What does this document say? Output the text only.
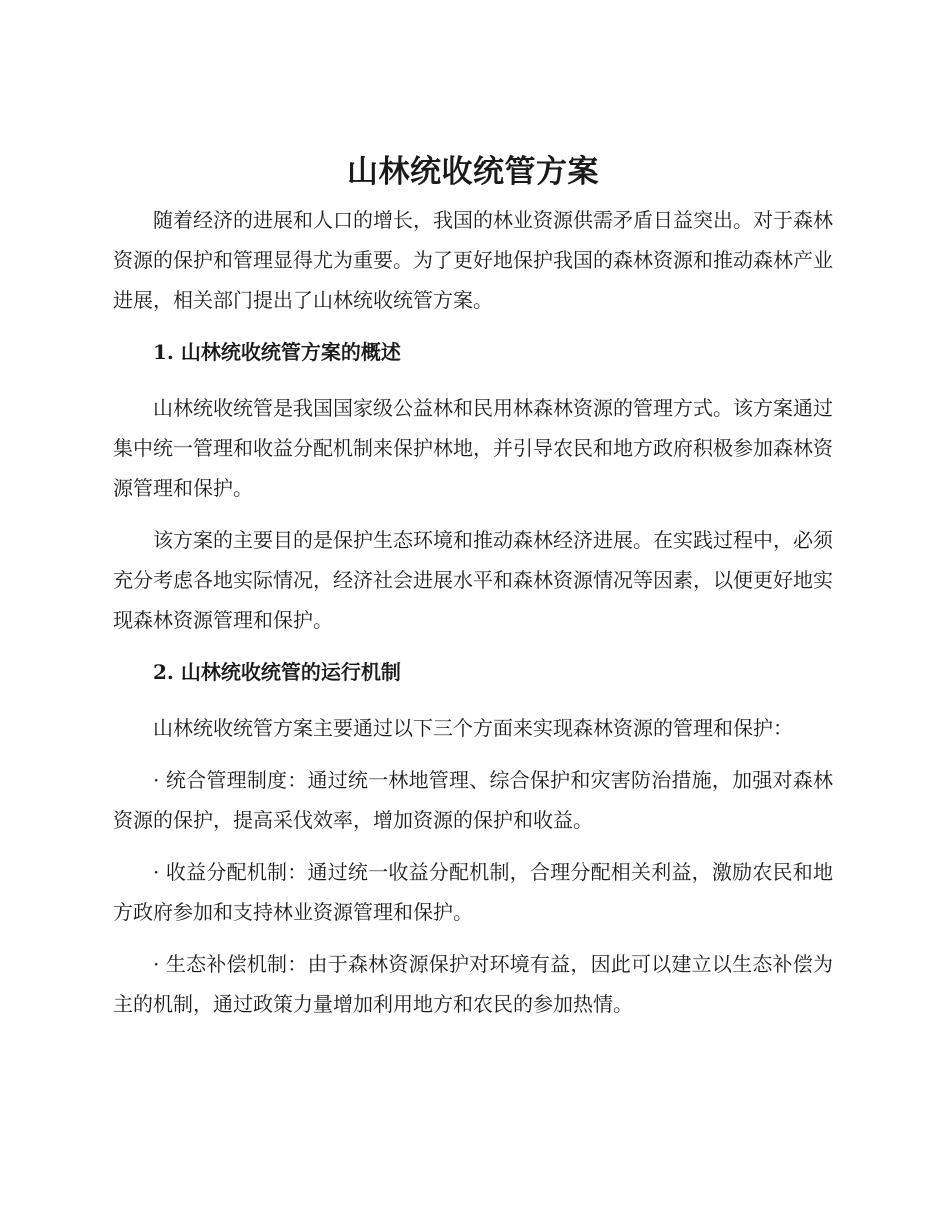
山林统收统管方案

随着经济的进展和人口的增长，我国的林业资源供需矛盾日益突出。对于森林资源的保护和管理显得尤为重要。为了更好地保护我国的森林资源和推动森林产业进展，相关部门提出了山林统收统管方案。

1. 山林统收统管方案的概述

山林统收统管是我国国家级公益林和民用林森林资源的管理方式。该方案通过集中统一管理和收益分配机制来保护林地，并引导农民和地方政府积极参加森林资源管理和保护。

该方案的主要目的是保护生态环境和推动森林经济进展。在实践过程中，必须充分考虑各地实际情况，经济社会进展水平和森林资源情况等因素，以便更好地实现森林资源管理和保护。

2. 山林统收统管的运行机制

山林统收统管方案主要通过以下三个方面来实现森林资源的管理和保护：

· 统合管理制度：通过统一林地管理、综合保护和灾害防治措施，加强对森林资源的保护，提高采伐效率，增加资源的保护和收益。

· 收益分配机制：通过统一收益分配机制，合理分配相关利益，激励农民和地方政府参加和支持林业资源管理和保护。

· 生态补偿机制：由于森林资源保护对环境有益，因此可以建立以生态补偿为主的机制，通过政策力量增加利用地方和农民的参加热情。
